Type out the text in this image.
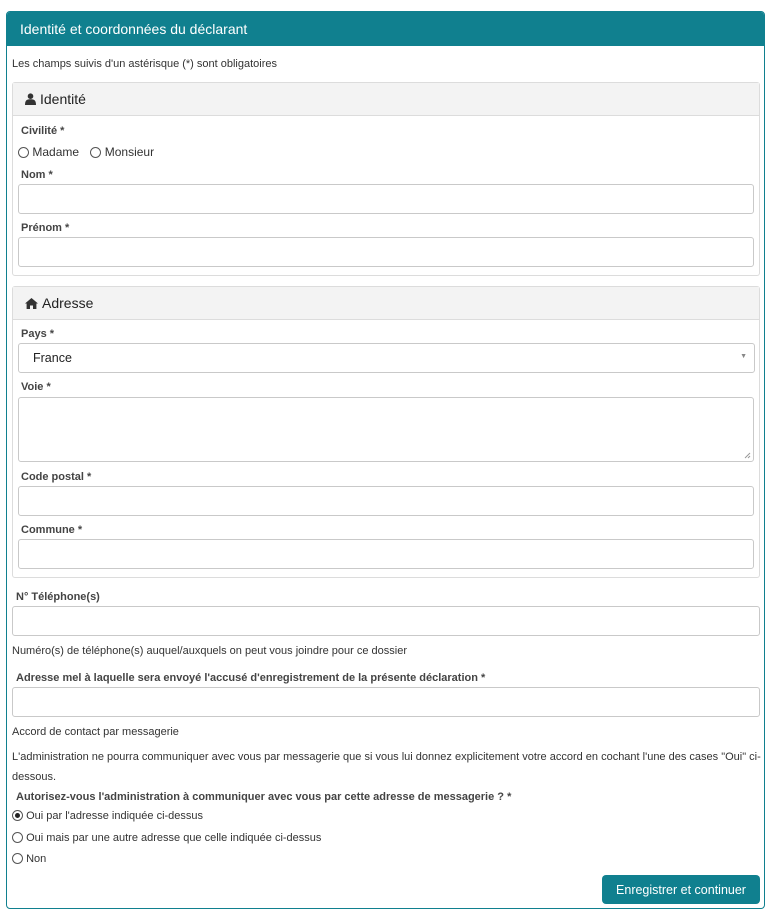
Identité et coordonnées du déclarant
Les champs suivis d'un astérisque (*) sont obligatoires
Identité
Civilité *
Madame Monsieur
Nom *
Prénom *
Adresse
Pays *
France	▼
Voie *
Code postal *
Commune *
N° Téléphone(s)
Numéro(s) de téléphone(s) auquel/auxquels on peut vous joindre pour ce dossier
Adresse mel à laquelle sera envoyé l'accusé d'enregistrement de la présente déclaration *
Accord de contact par messagerie
L'administration ne pourra communiquer avec vous par messagerie que si vous lui donnez explicitement votre accord en cochant l'une des cases "Oui" ci-dessous.
Autorisez-vous l'administration à communiquer avec vous par cette adresse de messagerie ? *
Oui par l'adresse indiquée ci-dessus
Oui mais par une autre adresse que celle indiquée ci-dessus
Non
Enregistrer et continuer
